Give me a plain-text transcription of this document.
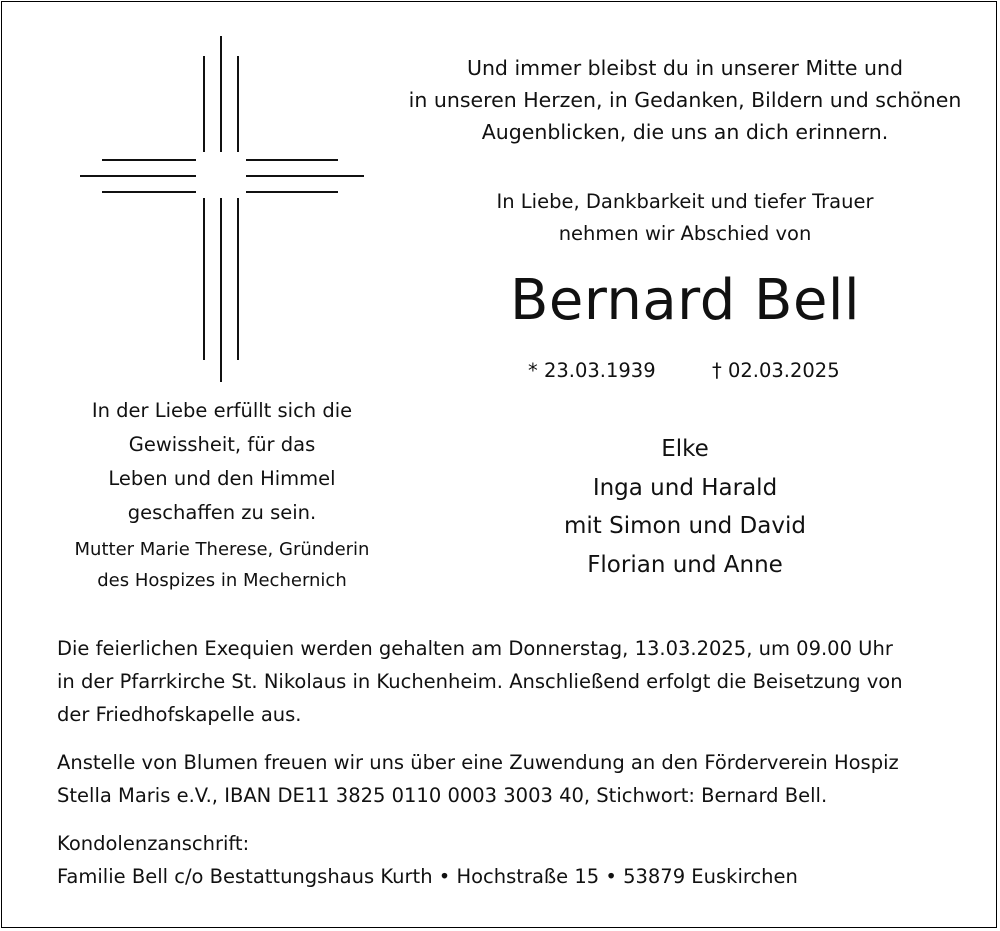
Und immer bleibst du in unserer Mitte und
in unseren Herzen, in Gedanken, Bildern und schönen
Augenblicken, die uns an dich erinnern.
In Liebe, Dankbarkeit und tiefer Trauer
nehmen wir Abschied von
Bernard Bell
* 23.03.1939	† 02.03.2025
Elke
Inga und Harald
mit Simon und David
Florian und Anne
In der Liebe erfüllt sich die
Gewissheit, für das
Leben und den Himmel
geschaffen zu sein.
Mutter Marie Therese, Gründerin
des Hospizes in Mechernich
Die feierlichen Exequien werden gehalten am Donnerstag, 13.03.2025, um 09.00 Uhr
in der Pfarrkirche St. Nikolaus in Kuchenheim. Anschließend erfolgt die Beisetzung von
der Friedhofskapelle aus.
Anstelle von Blumen freuen wir uns über eine Zuwendung an den Förderverein Hospiz
Stella Maris e.V., IBAN DE11 3825 0110 0003 3003 40, Stichwort: Bernard Bell.
Kondolenzanschrift:
Familie Bell c/o Bestattungshaus Kurth • Hochstraße 15 • 53879 Euskirchen
